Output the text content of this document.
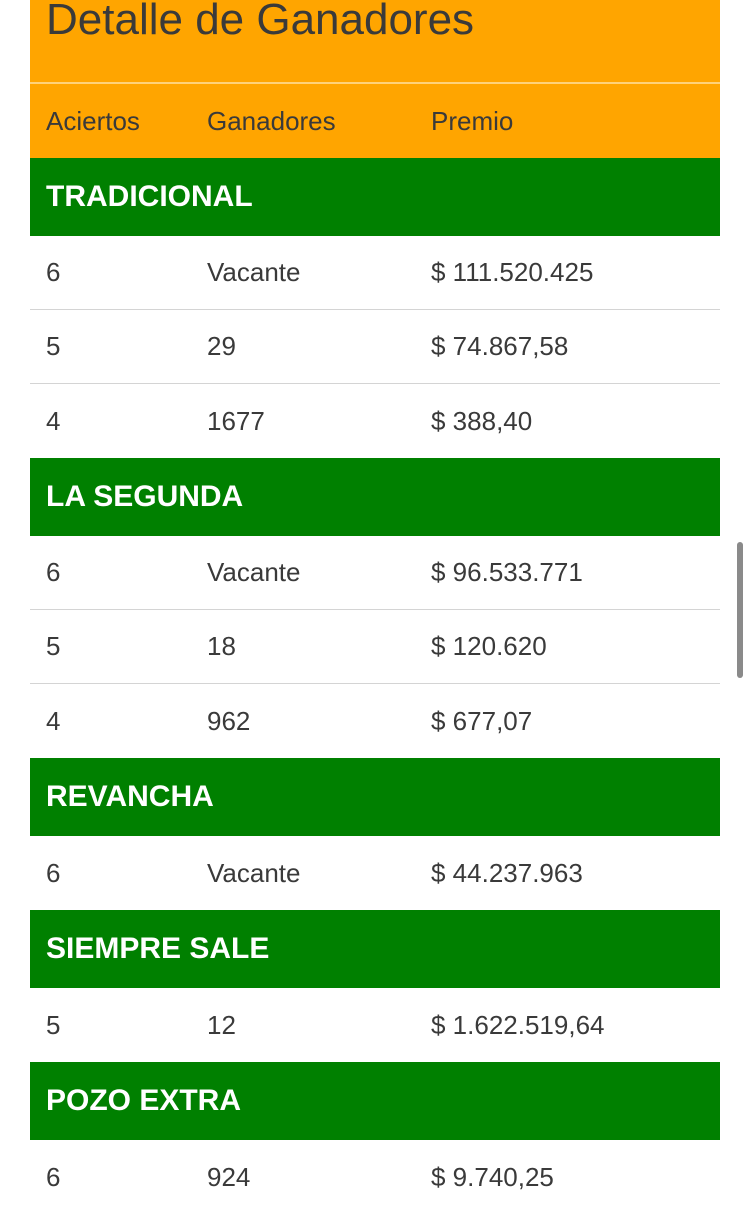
Detalle de Ganadores
Aciertos	Ganadores	Premio
TRADICIONAL
6	Vacante	$ 111.520.425
5	29	$ 74.867,58
4	1677	$ 388,40
LA SEGUNDA
6	Vacante	$ 96.533.771
5	18	$ 120.620
4	962	$ 677,07
REVANCHA
6	Vacante	$ 44.237.963
SIEMPRE SALE
5	12	$ 1.622.519,64
POZO EXTRA
6	924	$ 9.740,25
